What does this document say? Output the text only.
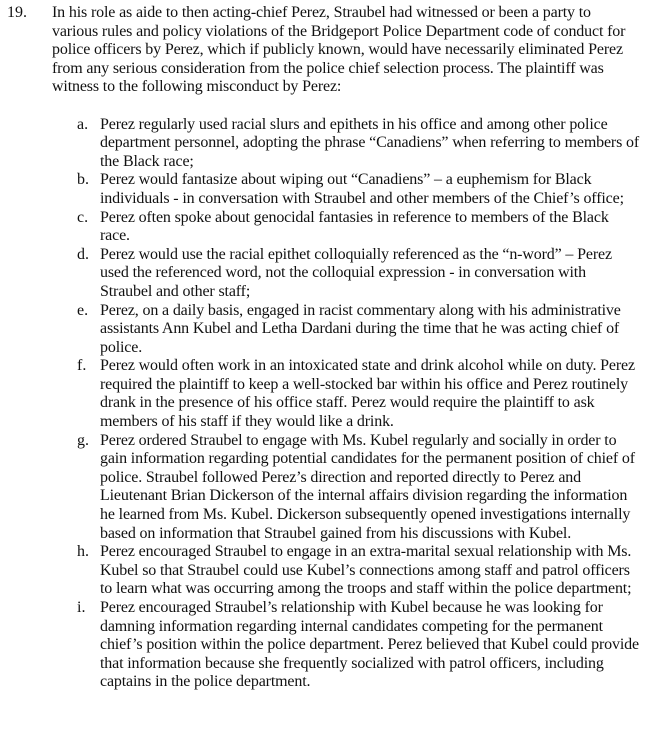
19. In his role as aide to then acting-chief Perez, Straubel had witnessed or been a party to various rules and policy violations of the Bridgeport Police Department code of conduct for police officers by Perez, which if publicly known, would have necessarily eliminated Perez from any serious consideration from the police chief selection process. The plaintiff was witness to the following misconduct by Perez:
a. Perez regularly used racial slurs and epithets in his office and among other police department personnel, adopting the phrase “Canadiens” when referring to members of the Black race;
b. Perez would fantasize about wiping out “Canadiens” – a euphemism for Black individuals - in conversation with Straubel and other members of the Chief’s office;
c. Perez often spoke about genocidal fantasies in reference to members of the Black race.
d. Perez would use the racial epithet colloquially referenced as the “n-word” – Perez used the referenced word, not the colloquial expression - in conversation with Straubel and other staff;
e. Perez, on a daily basis, engaged in racist commentary along with his administrative assistants Ann Kubel and Letha Dardani during the time that he was acting chief of police.
f. Perez would often work in an intoxicated state and drink alcohol while on duty. Perez required the plaintiff to keep a well-stocked bar within his office and Perez routinely drank in the presence of his office staff. Perez would require the plaintiff to ask members of his staff if they would like a drink.
g. Perez ordered Straubel to engage with Ms. Kubel regularly and socially in order to gain information regarding potential candidates for the permanent position of chief of police. Straubel followed Perez’s direction and reported directly to Perez and Lieutenant Brian Dickerson of the internal affairs division regarding the information he learned from Ms. Kubel. Dickerson subsequently opened investigations internally based on information that Straubel gained from his discussions with Kubel.
h. Perez encouraged Straubel to engage in an extra-marital sexual relationship with Ms. Kubel so that Straubel could use Kubel’s connections among staff and patrol officers to learn what was occurring among the troops and staff within the police department;
i. Perez encouraged Straubel’s relationship with Kubel because he was looking for damning information regarding internal candidates competing for the permanent chief’s position within the police department. Perez believed that Kubel could provide that information because she frequently socialized with patrol officers, including captains in the police department.
